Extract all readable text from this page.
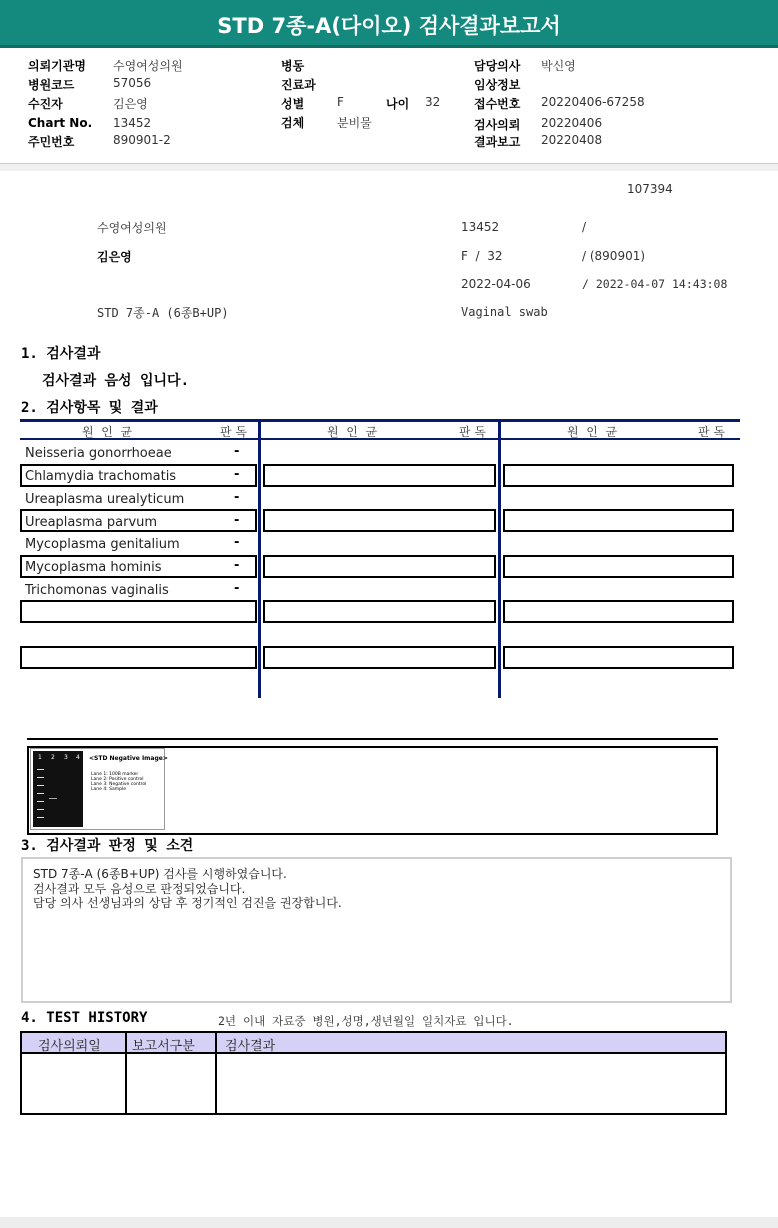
STD 7종-A(다이오) 검사결과보고서
의뢰기관명 수영여성의원
병원코드	57056
수진자	김은영
Chart No. 13452
주민번호	890901-2
병동
진료과
성별	F	나이 32
검체	분비물
담당의사 박신영
임상정보
접수번호 20220406-67258
검사의뢰 20220406
결과보고 20220408
107394
수영여성의원	13452	/
김은영	F  /  32	/ (890901)
2022-04-06	/ 2022-04-07 14:43:08
STD 7종-A (6종B+UP)	Vaginal swab
1. 검사결과
검사결과 음성 입니다.
2. 검사항목 및 결과
원  인  균	판 독	원  인  균	판 독	원  인  균	판 독
Neisseria gonorrhoeae	-
Chlamydia trachomatis	-
Ureaplasma urealyticum	-
Ureaplasma parvum	-
Mycoplasma genitalium	-
Mycoplasma hominis	-
Trichomonas vaginalis	-
1 2 3 4 <STD Negative Image>
Lane 1: 100B marker
Lane 2: Positive control
Lane 3: Negative control
Lane 4: Sample
3. 검사결과 판정 및 소견
STD 7종-A (6종B+UP) 검사를 시행하였습니다.
검사결과 모두 음성으로 판정되었습니다.
담당 의사 선생님과의 상담 후 정기적인 검진을 권장합니다.
4. TEST HISTORY	2년 이내 자료중 병원,성명,생년월일 일치자료 입니다.
검사의뢰일 보고서구분 검사결과
